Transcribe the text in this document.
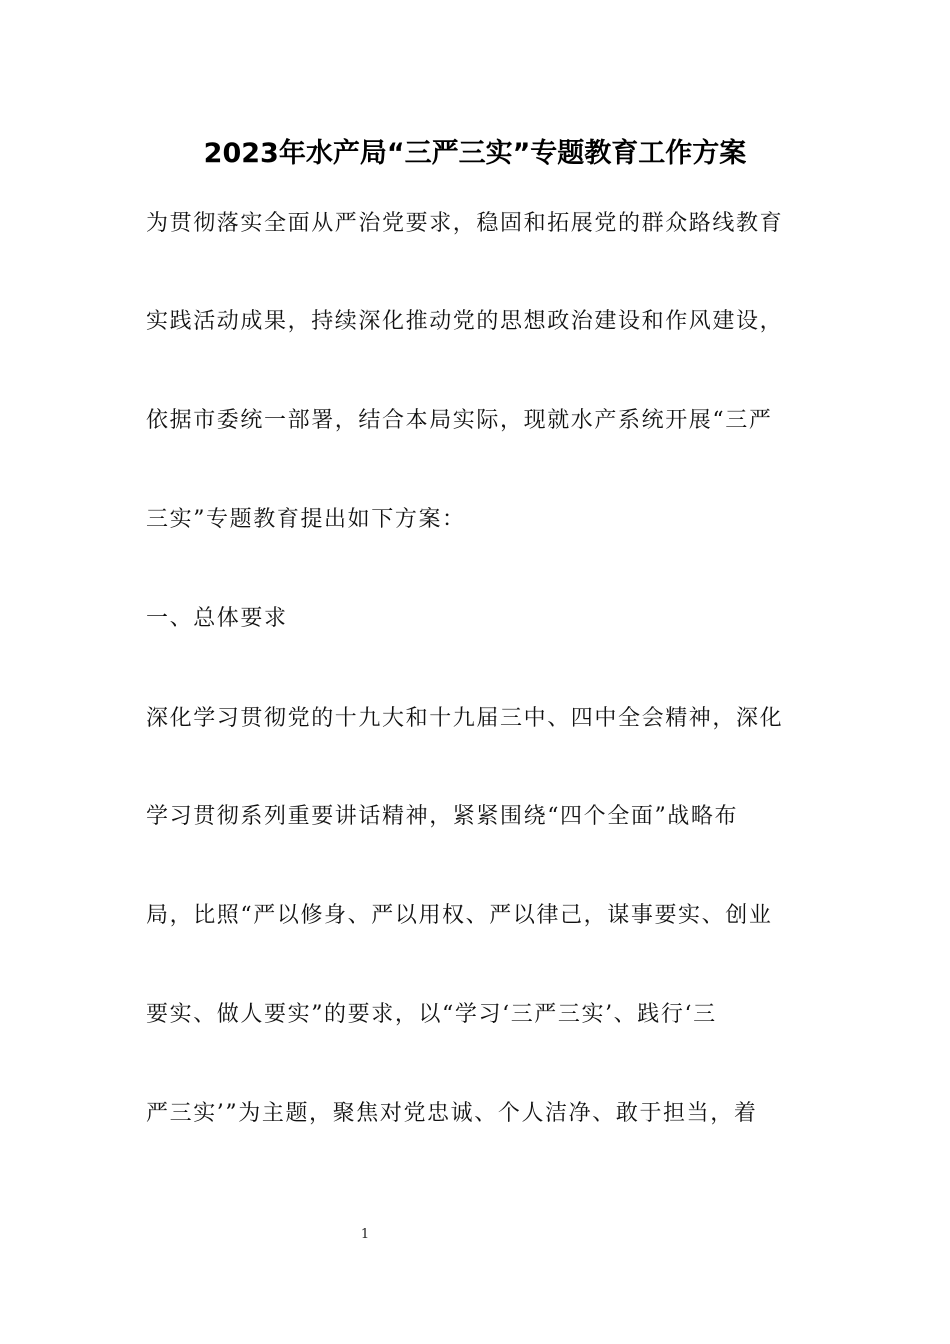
2023年水产局“三严三实”专题教育工作方案
为贯彻落实全面从严治党要求，稳固和拓展党的群众路线教育
实践活动成果，持续深化推动党的思想政治建设和作风建设，
依据市委统一部署，结合本局实际，现就水产系统开展“三严
三实”专题教育提出如下方案：
一、总体要求
深化学习贯彻党的十九大和十九届三中、四中全会精神，深化
学习贯彻系列重要讲话精神，紧紧围绕“四个全面”战略布
局，比照“严以修身、严以用权、严以律己，谋事要实、创业
要实、做人要实”的要求，以“学习‘三严三实’、践行‘三
严三实’”为主题，聚焦对党忠诚、个人洁净、敢于担当，着
1
